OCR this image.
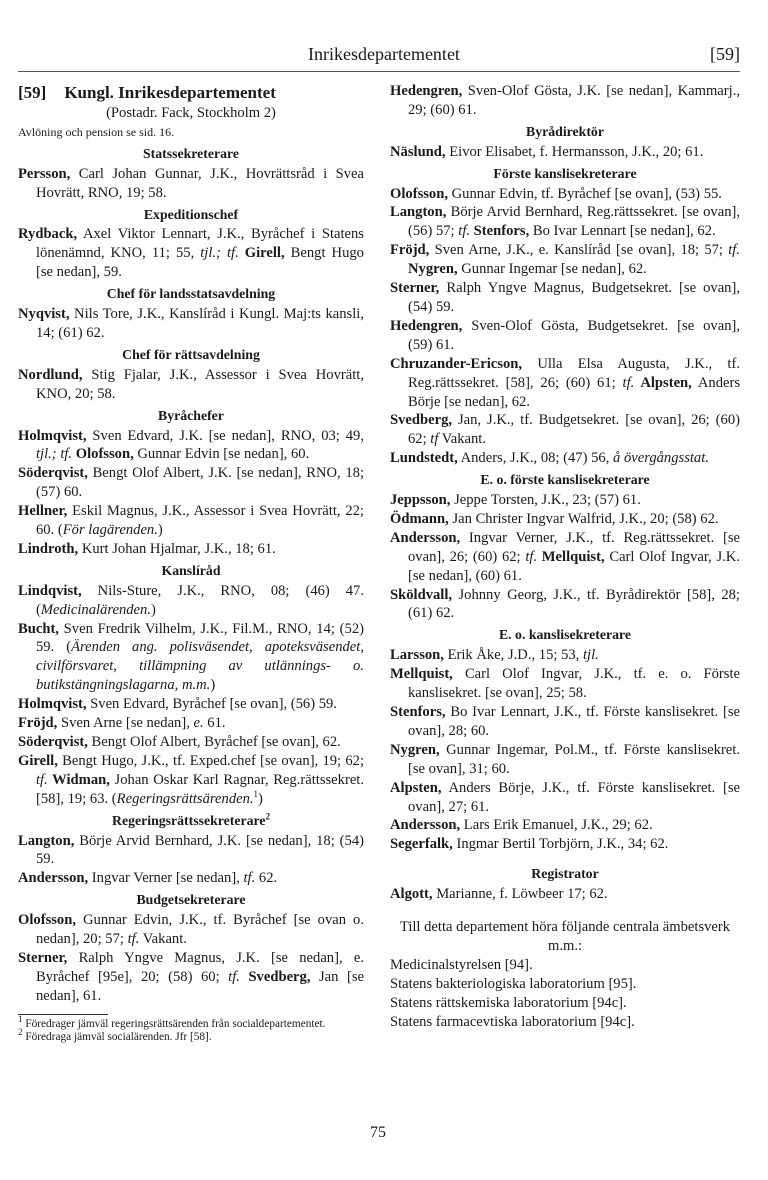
Inrikesdepartementet	[59]

[59] Kungl. Inrikesdepartementet

(Postadr. Fack, Stockholm 2)

Avlöning och pension se sid. 16.

Statssekreterare

Persson, Carl Johan Gunnar, J.K., Hovrättsråd i Svea Hovrätt, RNO, 19; 58.

Expeditionschef

Rydback, Axel Viktor Lennart, J.K., Byråchef i Statens lönenämnd, KNO, 11; 55, tjl.; tf. Girell, Bengt Hugo [se nedan], 59.

Chef för landsstatsavdelning

Nyqvist, Nils Tore, J.K., Kanslíråd i Kungl. Maj:ts kansli, 14; (61) 62.

Chef för rättsavdelning

Nordlund, Stig Fjalar, J.K., Assessor i Svea Hovrätt, KNO, 20; 58.

Byråchefer

Holmqvist, Sven Edvard, J.K. [se nedan], RNO, 03; 49, tjl.; tf. Olofsson, Gunnar Edvin [se nedan], 60.

Söderqvist, Bengt Olof Albert, J.K. [se nedan], RNO, 18; (57) 60.

Hellner, Eskil Magnus, J.K., Assessor i Svea Hovrätt, 22; 60. (För lagärenden.)

Lindroth, Kurt Johan Hjalmar, J.K., 18; 61.

Kanslíråd

Lindqvist, Nils-Sture, J.K., RNO, 08; (46) 47. (Medicinalärenden.)

Bucht, Sven Fredrik Vilhelm, J.K., Fil.M., RNO, 14; (52) 59. (Ärenden ang. polisväsendet, apoteksväsendet, civilförsvaret, tillämpning av utlännings- o. butikstängningslagarna, m.m.)

Holmqvist, Sven Edvard, Byråchef [se ovan], (56) 59.

Fröjd, Sven Arne [se nedan], e. 61.

Söderqvist, Bengt Olof Albert, Byråchef [se ovan], 62.

Girell, Bengt Hugo, J.K., tf. Exped.chef [se ovan], 19; 62; tf. Widman, Johan Oskar Karl Ragnar, Reg.rättssekret. [58], 19; 63. (Regeringsrättsärenden.$^1$)

Regeringsrättssekreterare$^2$

Langton, Börje Arvid Bernhard, J.K. [se nedan], 18; (54) 59.

Andersson, Ingvar Verner [se nedan], tf. 62.

Budgetsekreterare

Olofsson, Gunnar Edvin, J.K., tf. Byråchef [se ovan o. nedan], 20; 57; tf. Vakant.

Sterner, Ralph Yngve Magnus, J.K. [se nedan], e. Byråchef [95e], 20; (58) 60; tf. Svedberg, Jan [se nedan], 61.

$^1$ Föredrager jämväl regeringsrättsärenden från socialdepartementet.

$^2$ Föredraga jämväl socialärenden. Jfr [58].

Hedengren, Sven-Olof Gösta, J.K. [se nedan], Kammarj., 29; (60) 61.

Byrådirektör

Näslund, Eivor Elisabet, f. Hermansson, J.K., 20; 61.

Förste kanslisekreterare

Olofsson, Gunnar Edvin, tf. Byråchef [se ovan], (53) 55.

Langton, Börje Arvid Bernhard, Reg.rättssekret. [se ovan], (56) 57; tf. Stenfors, Bo Ivar Lennart [se nedan], 62.

Fröjd, Sven Arne, J.K., e. Kanslíråd [se ovan], 18; 57; tf. Nygren, Gunnar Ingemar [se nedan], 62.

Sterner, Ralph Yngve Magnus, Budgetsekret. [se ovan], (54) 59.

Hedengren, Sven-Olof Gösta, Budgetsekret. [se ovan], (59) 61.

Chruzander-Ericson, Ulla Elsa Augusta, J.K., tf. Reg.rättssekret. [58], 26; (60) 61; tf. Alpsten, Anders Börje [se nedan], 62.

Svedberg, Jan, J.K., tf. Budgetsekret. [se ovan], 26; (60) 62; tf Vakant.

Lundstedt, Anders, J.K., 08; (47) 56, å övergångsstat.

E. o. förste kanslisekreterare

Jeppsson, Jeppe Torsten, J.K., 23; (57) 61.

Ödmann, Jan Christer Ingvar Walfrid, J.K., 20; (58) 62.

Andersson, Ingvar Verner, J.K., tf. Reg.rättssekret. [se ovan], 26; (60) 62; tf. Mellquist, Carl Olof Ingvar, J.K. [se nedan], (60) 61.

Sköldvall, Johnny Georg, J.K., tf. Byrådirektör [58], 28; (61) 62.

E. o. kanslisekreterare

Larsson, Erik Åke, J.D., 15; 53, tjl.

Mellquist, Carl Olof Ingvar, J.K., tf. e. o. Förste kanslisekret. [se ovan], 25; 58.

Stenfors, Bo Ivar Lennart, J.K., tf. Förste kanslisekret. [se ovan], 28; 60.

Nygren, Gunnar Ingemar, Pol.M., tf. Förste kanslisekret. [se ovan], 31; 60.

Alpsten, Anders Börje, J.K., tf. Förste kanslisekret. [se ovan], 27; 61.

Andersson, Lars Erik Emanuel, J.K., 29; 62.

Segerfalk, Ingmar Bertil Torbjörn, J.K., 34; 62.

Registrator

Algott, Marianne, f. Löwbeer 17; 62.

Till detta departement höra följande centrala ämbetsverk m.m.:

Medicinalstyrelsen [94].

Statens bakteriologiska laboratorium [95].

Statens rättskemiska laboratorium [94c].

Statens farmacevtiska laboratorium [94c].

75
